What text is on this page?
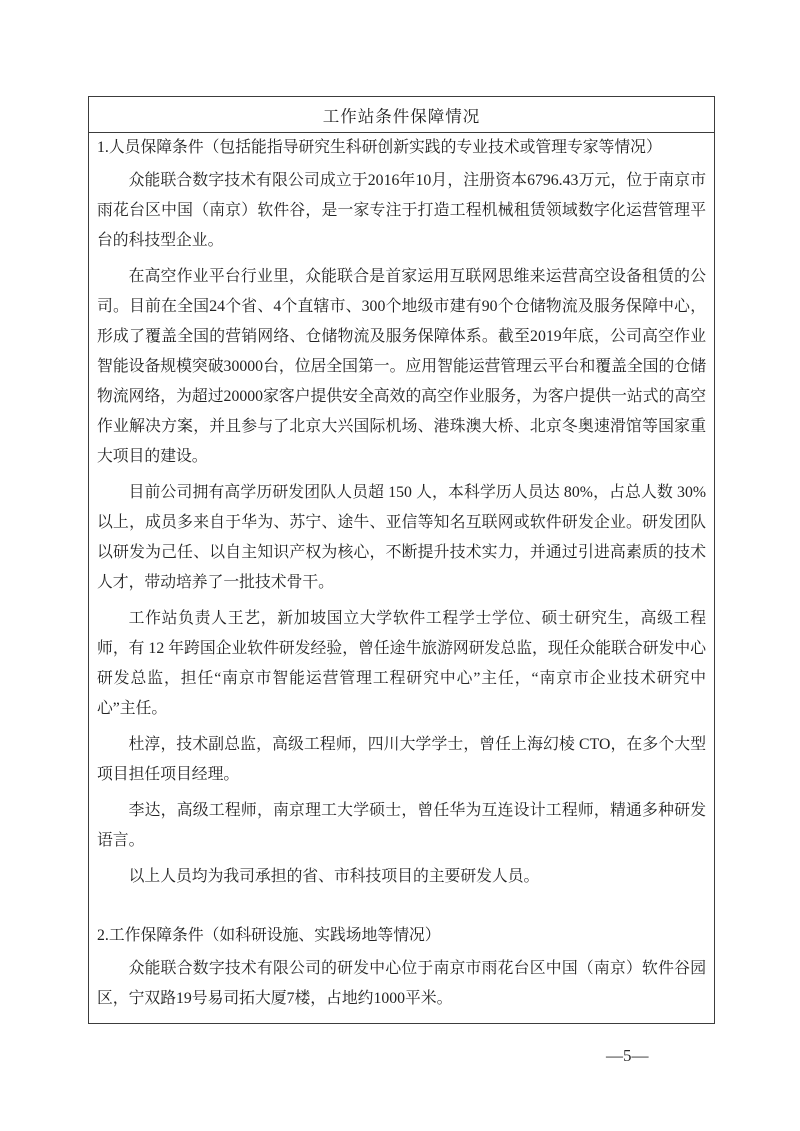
工作站条件保障情况

1.人员保障条件（包括能指导研究生科研创新实践的专业技术或管理专家等情况）

众能联合数字技术有限公司成立于2016年10月，注册资本6796.43万元，位于南京市雨花台区中国（南京）软件谷，是一家专注于打造工程机械租赁领域数字化运营管理平台的科技型企业。

在高空作业平台行业里，众能联合是首家运用互联网思维来运营高空设备租赁的公司。目前在全国24个省、4个直辖市、300个地级市建有90个仓储物流及服务保障中心，形成了覆盖全国的营销网络、仓储物流及服务保障体系。截至2019年底，公司高空作业智能设备规模突破30000台，位居全国第一。应用智能运营管理云平台和覆盖全国的仓储物流网络，为超过20000家客户提供安全高效的高空作业服务，为客户提供一站式的高空作业解决方案，并且参与了北京大兴国际机场、港珠澳大桥、北京冬奥速滑馆等国家重大项目的建设。

目前公司拥有高学历研发团队人员超 150 人，本科学历人员达 80%，占总人数 30%以上，成员多来自于华为、苏宁、途牛、亚信等知名互联网或软件研发企业。研发团队以研发为己任、以自主知识产权为核心，不断提升技术实力，并通过引进高素质的技术人才，带动培养了一批技术骨干。

工作站负责人王艺，新加坡国立大学软件工程学士学位、硕士研究生，高级工程师，有 12 年跨国企业软件研发经验，曾任途牛旅游网研发总监，现任众能联合研发中心研发总监，担任“南京市智能运营管理工程研究中心”主任，“南京市企业技术研究中心”主任。

杜淳，技术副总监，高级工程师，四川大学学士，曾任上海幻棱 CTO，在多个大型项目担任项目经理。

李达，高级工程师，南京理工大学硕士，曾任华为互连设计工程师，精通多种研发语言。

以上人员均为我司承担的省、市科技项目的主要研发人员。

2.工作保障条件（如科研设施、实践场地等情况）

众能联合数字技术有限公司的研发中心位于南京市雨花台区中国（南京）软件谷园区，宁双路19号易司拓大厦7楼，占地约1000平米。

—5—
